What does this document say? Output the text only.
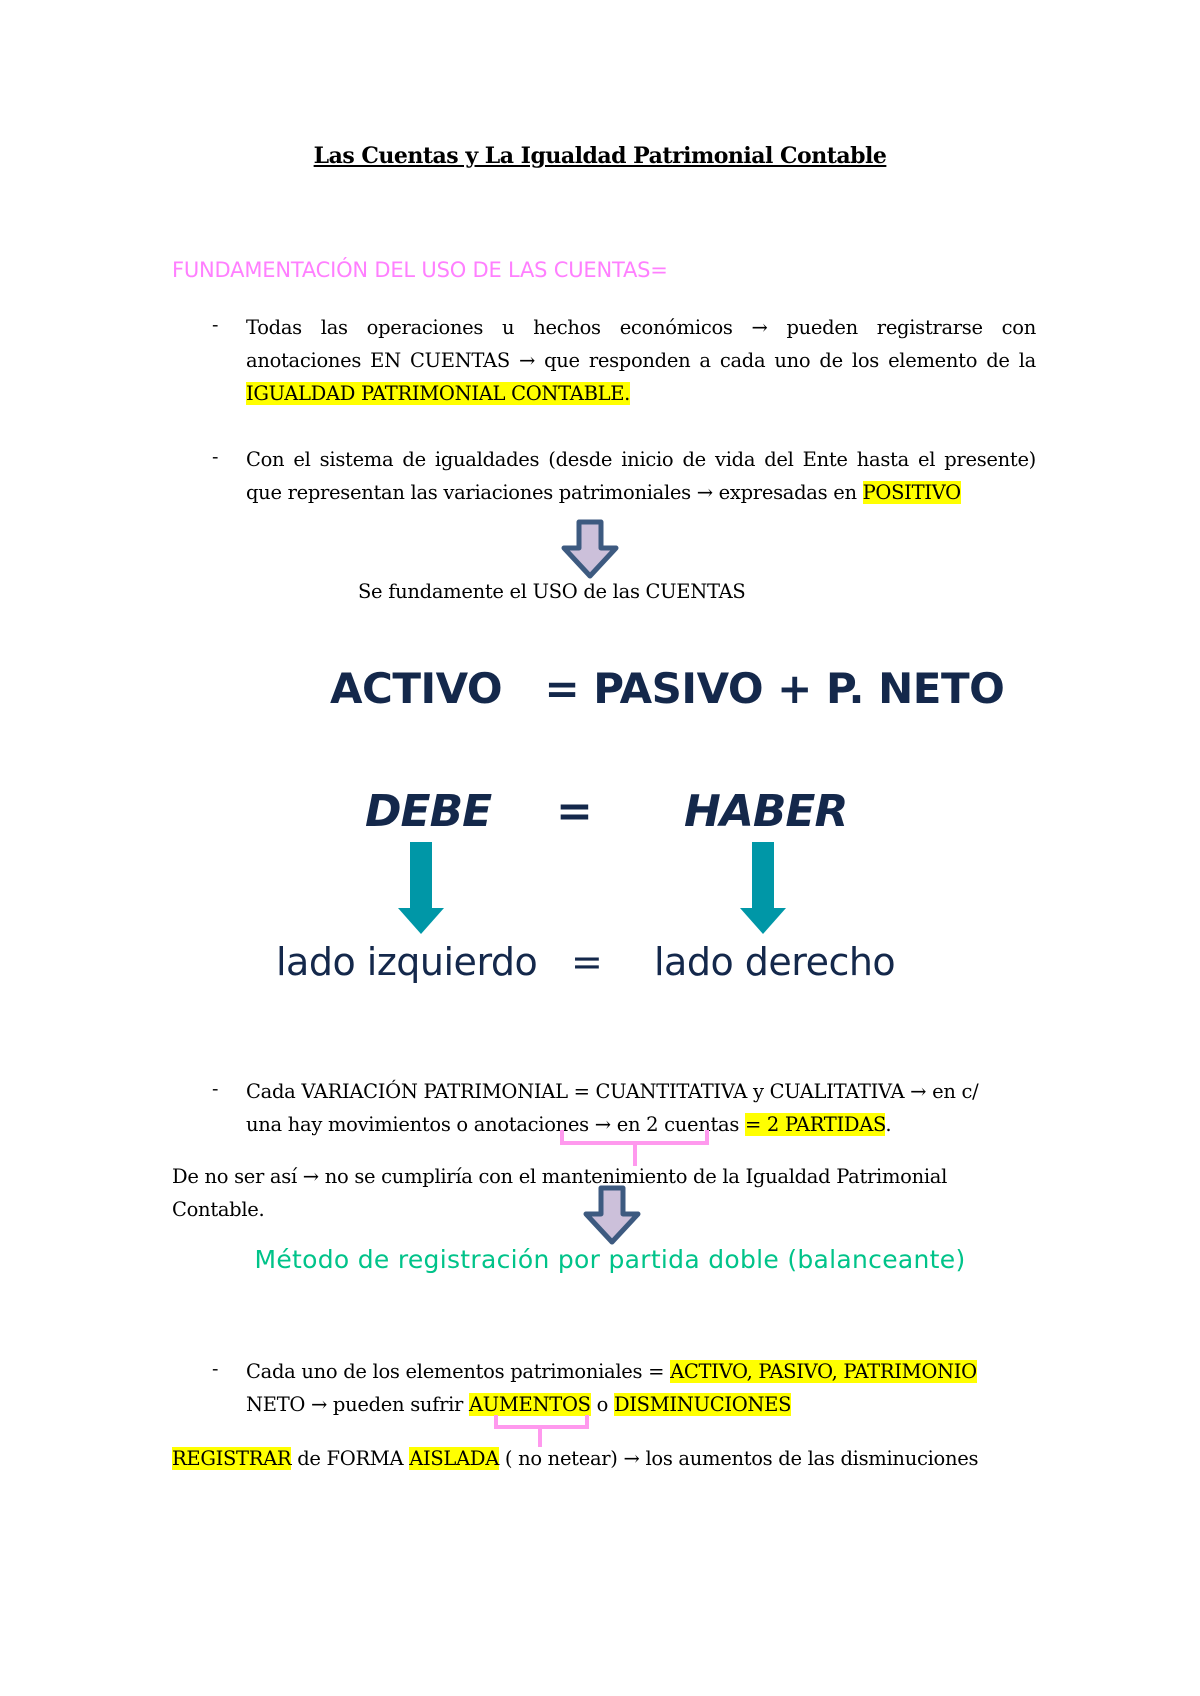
Las Cuentas y La Igualdad Patrimonial Contable
FUNDAMENTACIÓN DEL USO DE LAS CUENTAS=
- Todas las operaciones u hechos económicos → pueden registrarse con anotaciones EN CUENTAS → que responden a cada uno de los elemento de la IGUALDAD PATRIMONIAL CONTABLE.
- Con el sistema de igualdades (desde inicio de vida del Ente hasta el presente) que representan las variaciones patrimoniales → expresadas en POSITIVO
Se fundamente el USO de las CUENTAS
ACTIVO   = PASIVO + P. NETO
DEBE = HABER
lado izquierdo = lado derecho
- Cada VARIACIÓN PATRIMONIAL = CUANTITATIVA y CUALITATIVA → en c/
una hay movimientos o anotaciones → en 2 cuentas = 2 PARTIDAS.
De no ser así → no se cumpliría con el mantenimiento de la Igualdad Patrimonial
Contable.
Método de registración por partida doble (balanceante)
- Cada uno de los elementos patrimoniales = ACTIVO, PASIVO, PATRIMONIO
NETO → pueden sufrir AUMENTOS o DISMINUCIONES
REGISTRAR de FORMA AISLADA ( no netear) → los aumentos de las disminuciones
